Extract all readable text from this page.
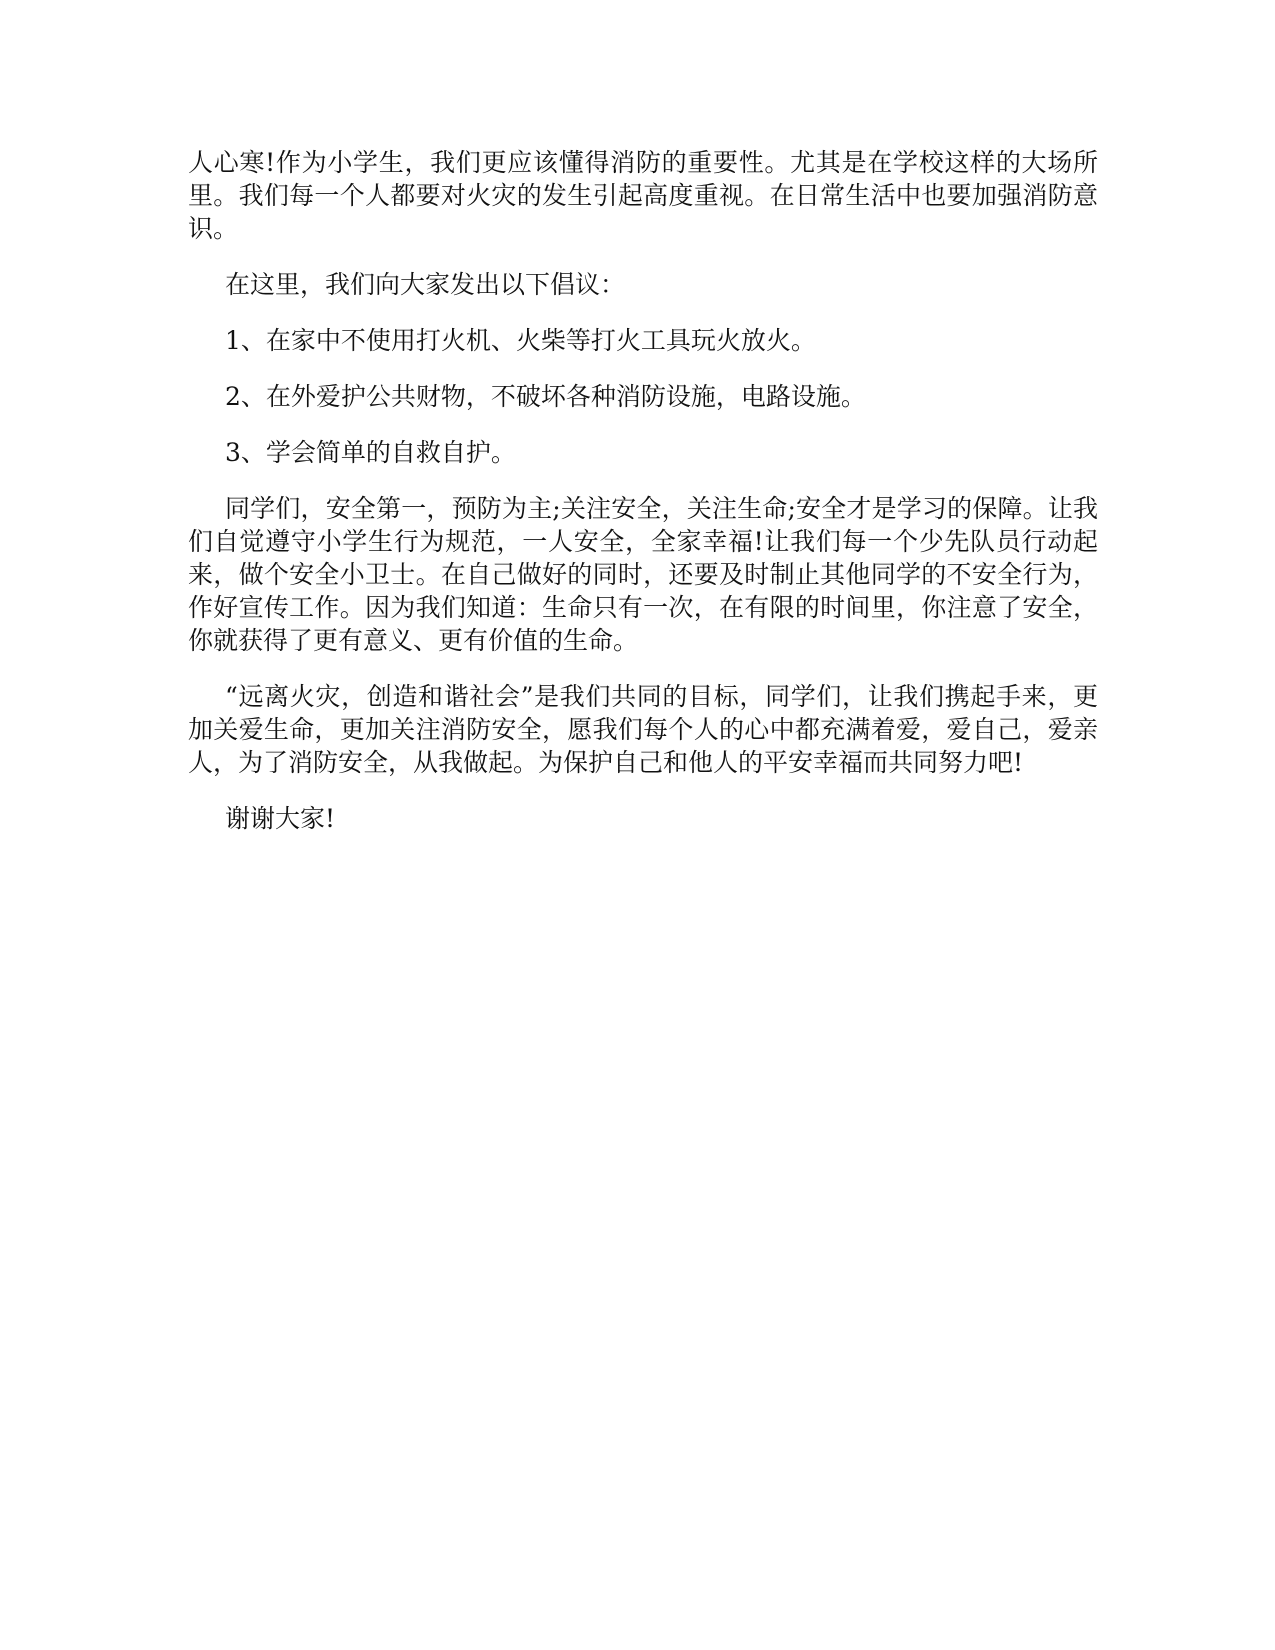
人心寒!作为小学生，我们更应该懂得消防的重要性。尤其是在学校这样的大场所里。我们每一个人都要对火灾的发生引起高度重视。在日常生活中也要加强消防意识。

在这里，我们向大家发出以下倡议：

1、在家中不使用打火机、火柴等打火工具玩火放火。

2、在外爱护公共财物，不破坏各种消防设施，电路设施。

3、学会简单的自救自护。

同学们，安全第一，预防为主;关注安全，关注生命;安全才是学习的保障。让我们自觉遵守小学生行为规范，一人安全，全家幸福!让我们每一个少先队员行动起来，做个安全小卫士。在自己做好的同时，还要及时制止其他同学的不安全行为，作好宣传工作。因为我们知道：生命只有一次，在有限的时间里，你注意了安全，你就获得了更有意义、更有价值的生命。

“远离火灾，创造和谐社会”是我们共同的目标，同学们，让我们携起手来，更加关爱生命，更加关注消防安全，愿我们每个人的心中都充满着爱，爱自己，爱亲人，为了消防安全，从我做起。为保护自己和他人的平安幸福而共同努力吧!

谢谢大家!
